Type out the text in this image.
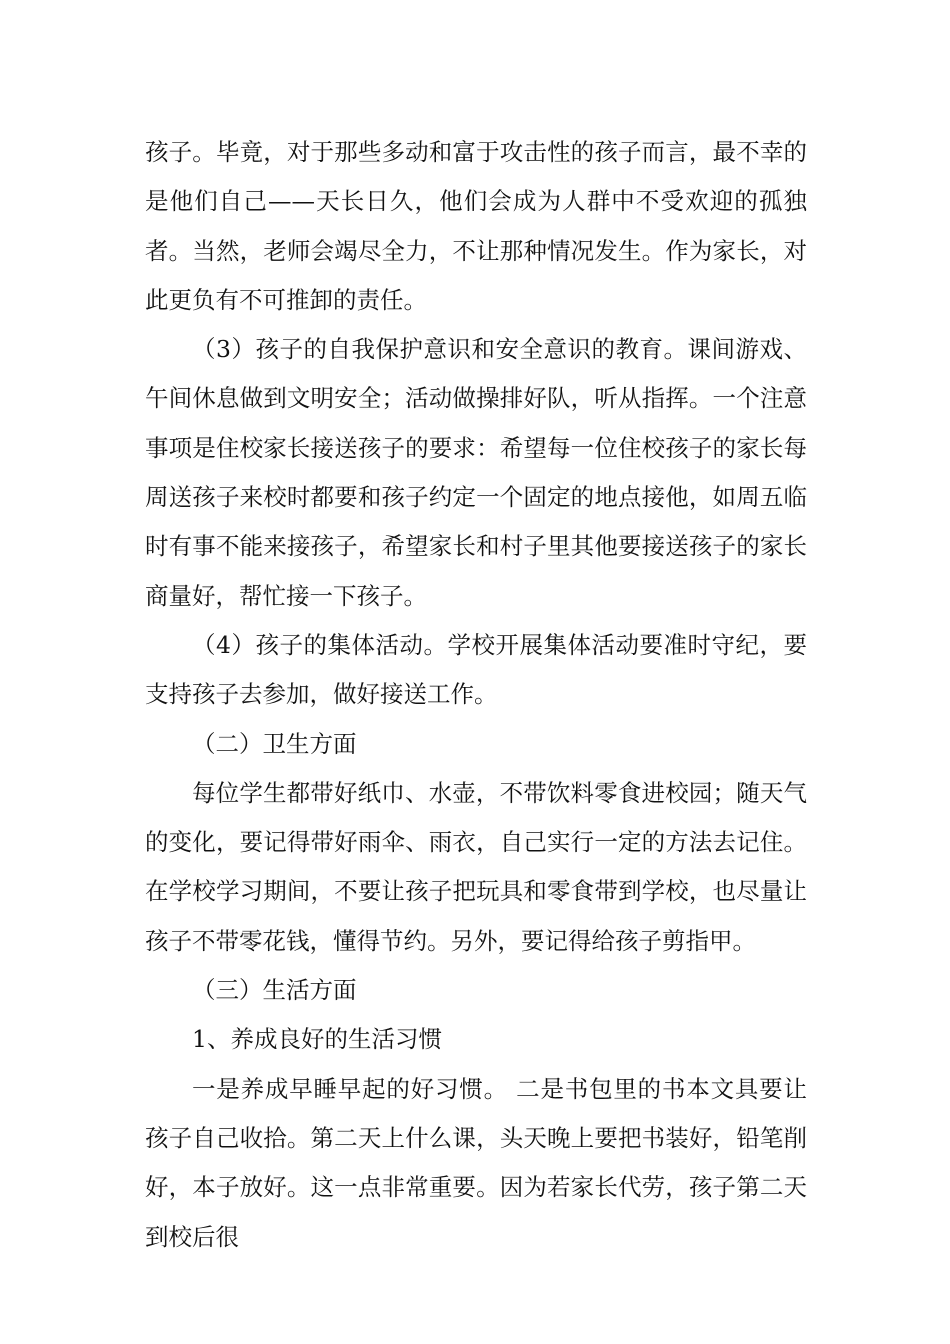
孩子。毕竟，对于那些多动和富于攻击性的孩子而言，最不幸的是他们自己——天长日久，他们会成为人群中不受欢迎的孤独者。当然，老师会竭尽全力，不让那种情况发生。作为家长，对此更负有不可推卸的责任。

（3）孩子的自我保护意识和安全意识的教育。课间游戏、午间休息做到文明安全；活动做操排好队，听从指挥。一个注意事项是住校家长接送孩子的要求：希望每一位住校孩子的家长每周送孩子来校时都要和孩子约定一个固定的地点接他，如周五临时有事不能来接孩子，希望家长和村子里其他要接送孩子的家长商量好，帮忙接一下孩子。

（4）孩子的集体活动。学校开展集体活动要准时守纪，要支持孩子去参加，做好接送工作。

（二）卫生方面

每位学生都带好纸巾、水壶，不带饮料零食进校园；随天气的变化，要记得带好雨伞、雨衣，自己实行一定的方法去记住。在学校学习期间，不要让孩子把玩具和零食带到学校，也尽量让孩子不带零花钱，懂得节约。另外，要记得给孩子剪指甲。

（三）生活方面

1、养成良好的生活习惯

一是养成早睡早起的好习惯。 二是书包里的书本文具要让孩子自己收拾。第二天上什么课，头天晚上要把书装好，铅笔削好，本子放好。这一点非常重要。因为若家长代劳，孩子第二天到校后很
